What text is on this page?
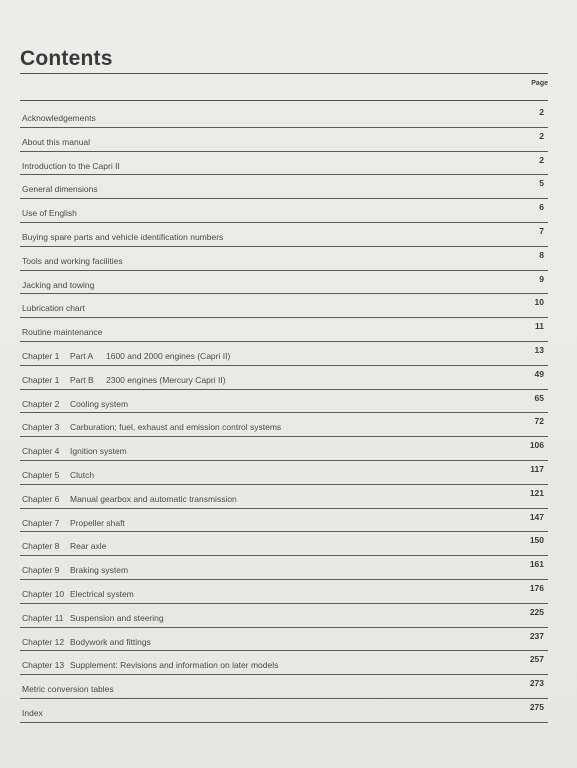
Contents
Page
Acknowledgements
2
About this manual
2
Introduction to the Capri II
2
General dimensions
5
Use of English
6
Buying spare parts and vehicle identification numbers
7
Tools and working facilities
8
Jacking and towing
9
Lubrication chart
10
Routine maintenance
11
Chapter 1 Part A 1600 and 2000 engines (Capri II)
13
Chapter 1 Part B 2300 engines (Mercury Capri II)
49
Chapter 2 Cooling system
65
Chapter 3 Carburation; fuel, exhaust and emission control systems
72
Chapter 4 Ignition system
106
Chapter 5 Clutch
117
Chapter 6 Manual gearbox and automatic transmission
121
Chapter 7 Propeller shaft
147
Chapter 8 Rear axle
150
Chapter 9 Braking system
161
Chapter 10 Electrical system
176
Chapter 11 Suspension and steering
225
Chapter 12 Bodywork and fittings
237
Chapter 13 Supplement: Revisions and information on later models
257
Metric conversion tables
273
Index
275
